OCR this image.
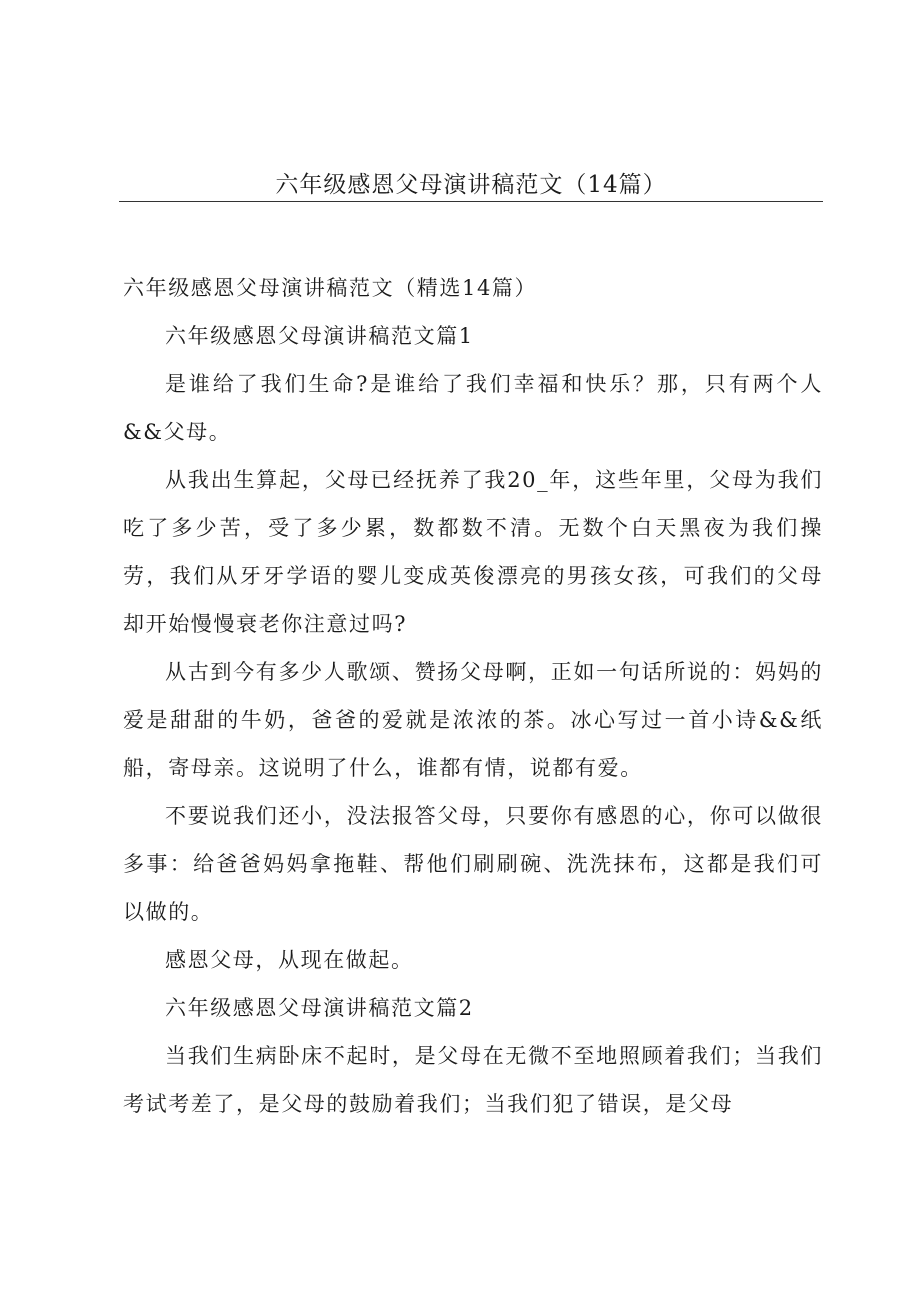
六年级感恩父母演讲稿范文（14篇）

六年级感恩父母演讲稿范文（精选14篇）

六年级感恩父母演讲稿范文篇1

是谁给了我们生命?是谁给了我们幸福和快乐？那，只有两个人&&父母。

从我出生算起，父母已经抚养了我20_年，这些年里，父母为我们吃了多少苦，受了多少累，数都数不清。无数个白天黑夜为我们操劳，我们从牙牙学语的婴儿变成英俊漂亮的男孩女孩，可我们的父母却开始慢慢衰老你注意过吗?

从古到今有多少人歌颂、赞扬父母啊，正如一句话所说的：妈妈的爱是甜甜的牛奶，爸爸的爱就是浓浓的茶。冰心写过一首小诗&&纸船，寄母亲。这说明了什么，谁都有情，说都有爱。

不要说我们还小，没法报答父母，只要你有感恩的心，你可以做很多事：给爸爸妈妈拿拖鞋、帮他们刷刷碗、洗洗抹布，这都是我们可以做的。

感恩父母，从现在做起。

六年级感恩父母演讲稿范文篇2

当我们生病卧床不起时，是父母在无微不至地照顾着我们；当我们考试考差了，是父母的鼓励着我们；当我们犯了错误，是父母
